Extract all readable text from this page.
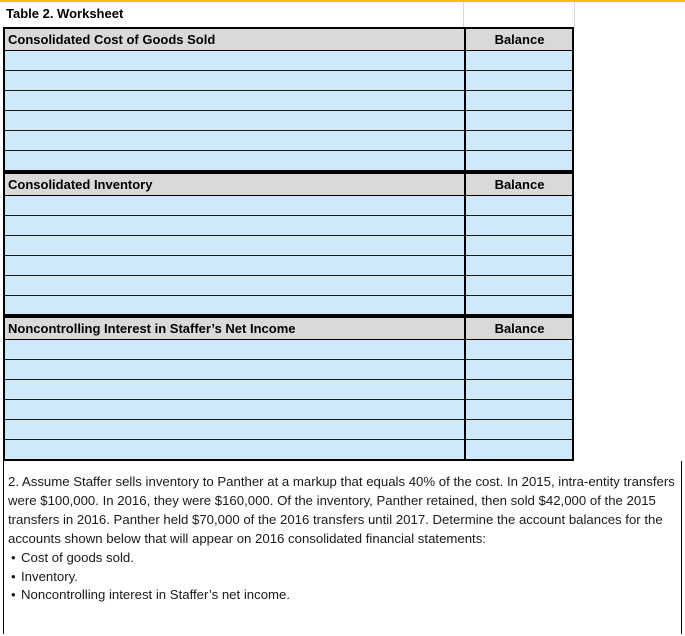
Table 2. Worksheet
Consolidated Cost of Goods Sold	Balance
Consolidated Inventory	Balance
Noncontrolling Interest in Staffer’s Net Income	Balance
2. Assume Staffer sells inventory to Panther at a markup that equals 40% of the cost. In 2015, intra-entity transfers were $100,000. In 2016, they were $160,000. Of the inventory, Panther retained, then sold $42,000 of the 2015 transfers in 2016. Panther held $70,000 of the 2016 transfers until 2017. Determine the account balances for the accounts shown below that will appear on 2016 consolidated financial statements:
• Cost of goods sold.
• Inventory.
• Noncontrolling interest in Staffer’s net income.
